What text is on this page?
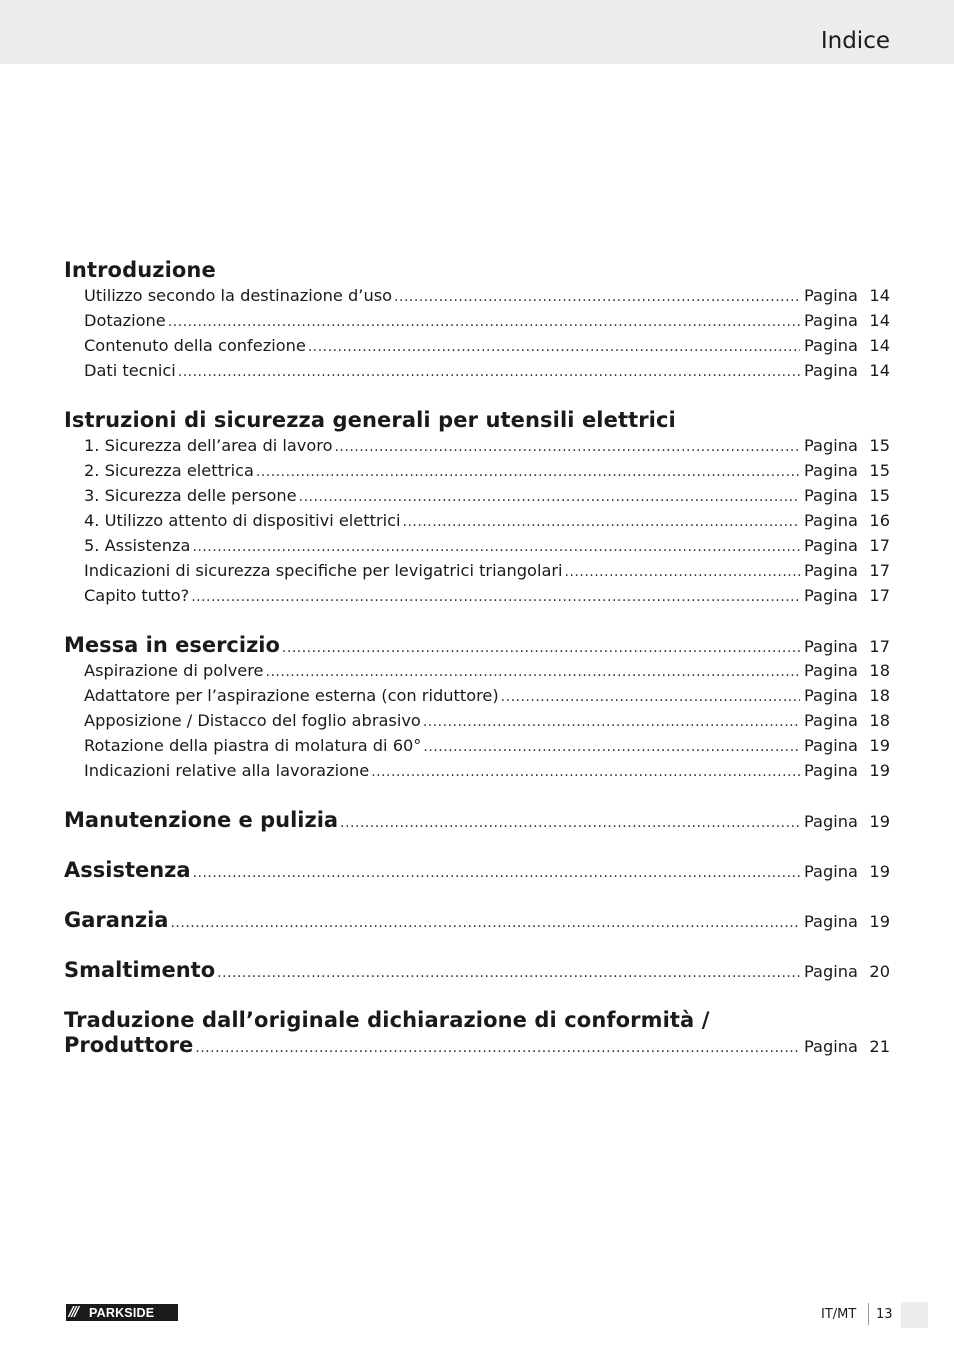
Indice
Introduzione
Utilizzo secondo la destinazione d’uso .....	Pagina 14
Dotazione .....	Pagina 14
Contenuto della confezione .....	Pagina 14
Dati tecnici .....	Pagina 14
Istruzioni di sicurezza generali per utensili elettrici
1. Sicurezza dell’area di lavoro .....	Pagina 15
2. Sicurezza elettrica .....	Pagina 15
3. Sicurezza delle persone .....	Pagina 15
4. Utilizzo attento di dispositivi elettrici .....	Pagina 16
5. Assistenza .....	Pagina 17
Indicazioni di sicurezza specifiche per levigatrici triangolari .....	Pagina 17
Capito tutto? .....	Pagina 17
Messa in esercizio .....	Pagina 17
Aspirazione di polvere .....	Pagina 18
Adattatore per l’aspirazione esterna (con riduttore) .....	Pagina 18
Apposizione / Distacco del foglio abrasivo .....	Pagina 18
Rotazione della piastra di molatura di 60° .....	Pagina 19
Indicazioni relative alla lavorazione .....	Pagina 19
Manutenzione e pulizia .....	Pagina 19
Assistenza .....	Pagina 19
Garanzia .....	Pagina 19
Smaltimento .....	Pagina 20
Traduzione dall’originale dichiarazione di conformità /
Produttore .....	Pagina 21
/// PARKSIDE	IT/MT 13
